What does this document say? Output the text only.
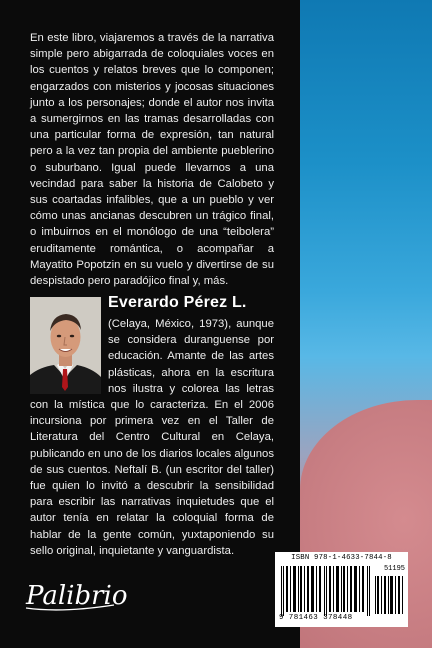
En este libro, viajaremos a través de la narrativa simple pero abigarrada de coloquiales voces en los cuentos y relatos breves que lo componen; engarzados con misterios y jocosas situaciones junto a los personajes; donde el autor nos invita a sumergirnos en las tramas desarrolladas con una particular forma de expresión, tan natural pero a la vez tan propia del ambiente pueblerino o suburbano. Igual puede llevarnos a una vecindad para saber la historia de Calobeto y sus coartadas infalibles, que a un pueblo y ver cómo unas ancianas descubren un trágico final, o imbuirnos en el monólogo de una “teibolera” eruditamente romántica, o acompañar a Mayatito Popotzin en su vuelo y divertirse de su despistado pero paradójico final y, más.

Everardo Pérez L.

(Celaya, México, 1973), aunque se considera duranguense por educación. Amante de las artes plásticas, ahora en la escritura nos ilustra y colorea las letras con la mística que lo caracteriza. En el 2006 incursiona por primera vez en el Taller de Literatura del Centro Cultural en Celaya, publicando en uno de los diarios locales algunos de sus cuentos. Neftalí B. (un escritor del taller) fue quien lo invitó a descubrir la sensibilidad para escribir las narrativas inquietudes que el autor tenía en relatar la coloquial forma de hablar de la gente común, yuxtaponiendo su sello original, inquietante y vanguardista.

Palibrio

ISBN 978-1-4633-7844-8

51195

9 781463 378448
